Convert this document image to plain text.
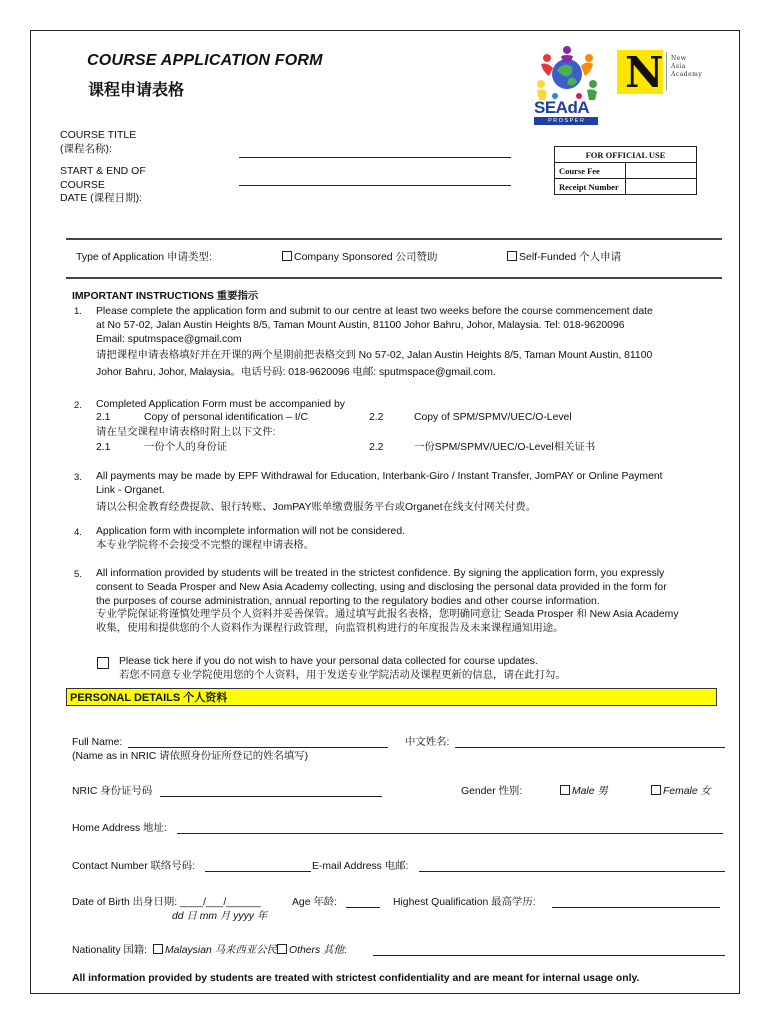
COURSE APPLICATION FORM
课程申请表格
SEAdA
P R O S P E R
N New
Asia
Academy
COURSE TITLE
(课程名称):
START & END OF
COURSE
DATE (课程日期):
FOR OFFICIAL USE	
Course Fee	
Receipt Number	
Type of Application 申请类型:	Company Sponsored 公司赞助	Self-Funded 个人申请
IMPORTANT INSTRUCTIONS 重要指示
1. Please complete the application form and submit to our centre at least two weeks before the course commencement date
at No 57-02, Jalan Austin Heights 8/5, Taman Mount Austin, 81100 Johor Bahru, Johor, Malaysia. Tel: 018-9620096
Email: sputmspace@gmail.com
请把课程申请表格填好并在开课的两个星期前把表格交到 No 57-02, Jalan Austin Heights 8/5, Taman Mount Austin, 81100
Johor Bahru, Johor, Malaysia。电话号码: 018-9620096 电邮: sputmspace@gmail.com.
2. Completed Application Form must be accompanied by
2.1	Copy of personal identification – I/C	2.2	Copy of SPM/SPMV/UEC/O-Level
请在呈交课程申请表格时附上以下文件:
2.1	一份个人的身份证	2.2	一份SPM/SPMV/UEC/O-Level相关证书
3. All payments may be made by EPF Withdrawal for Education, Interbank-Giro / Instant Transfer, JomPAY or Online Payment
Link - Organet.
请以公积金教育经费提款、银行转账、JomPAY账单缴费服务平台或Organet在线支付网关付费。
4. Application form with incomplete information will not be considered.
本专业学院将不会接受不完整的课程申请表格。
5. All information provided by students will be treated in the strictest confidence. By signing the application form, you expressly
consent to Seada Prosper and New Asia Academy collecting, using and disclosing the personal data provided in the form for
the purposes of course administration, annual reporting to the regulatory bodies and other course information.
专业学院保证将谨慎处理学员个人资料并妥善保管。通过填写此报名表格，您明确同意让 Seada Prosper 和 New Asia Academy
收集，使用和提供您的个人资料作为课程行政管理，向监管机构进行的年度报告及未来课程通知用途。
Please tick here if you do not wish to have your personal data collected for course updates.
若您不同意专业学院使用您的个人资料，用于发送专业学院活动及课程更新的信息，请在此打勾。
PERSONAL DETAILS 个人资料
Full Name:
(Name as in NRIC 请依照身份证所登记的姓名填写)
中文姓名:
NRIC 身份证号码	Gender 性别:	Male 男	Female 女
Home Address 地址:
Contact Number 联络号码:	E-mail Address 电邮:
Date of Birth 出身日期: ____/___/______
dd 日 mm 月 yyyy 年
Age 年龄:	Highest Qualification 最高学历:
Nationality 国籍: Malaysian 马来西亚公民 Others 其他:
All information provided by students are treated with strictest confidentiality and are meant for internal usage only.
